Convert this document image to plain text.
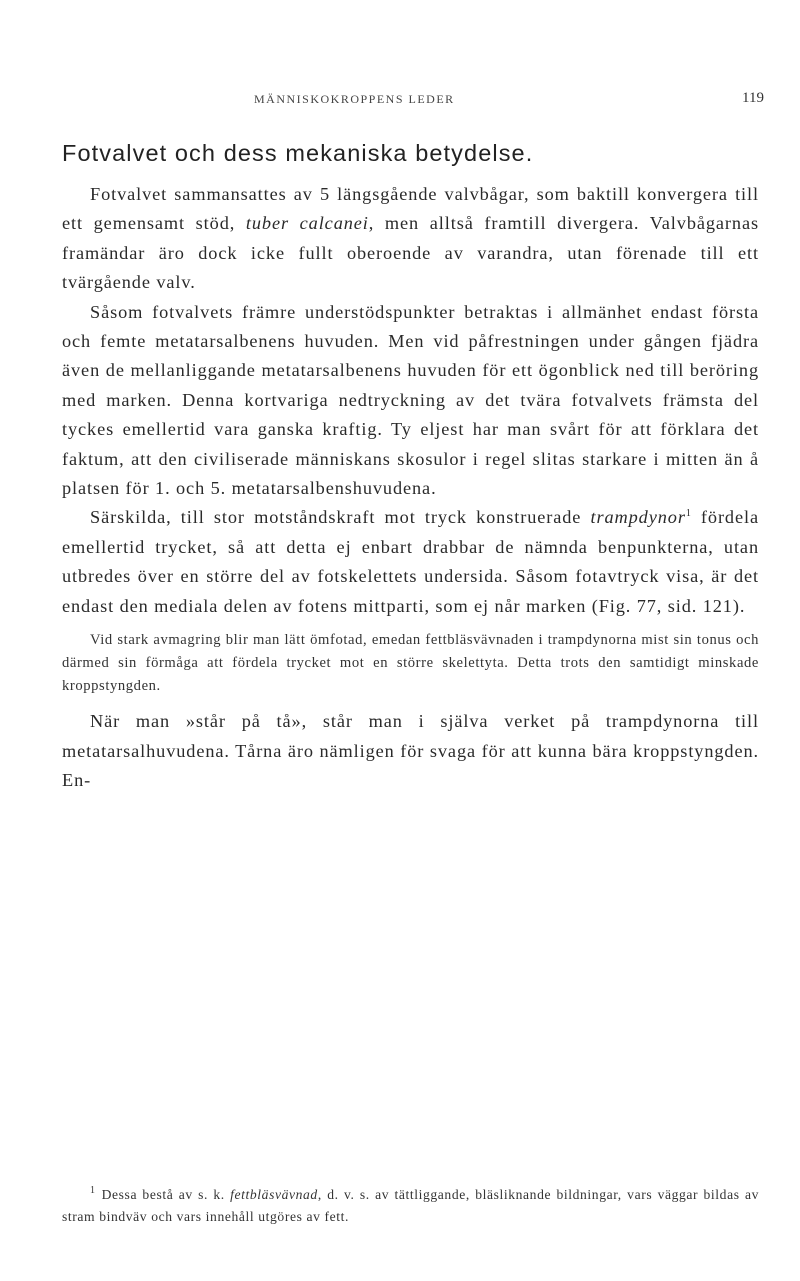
MÄNNISKOKROPPENS LEDER	119
Fotvalvet och dess mekaniska betydelse.

Fotvalvet sammansattes av 5 längsgående valvbågar, som baktill konvergera till ett gemensamt stöd, tuber calcanei, men alltså framtill divergera. Valvbågarnas framändar äro dock icke fullt oberoende av varandra, utan förenade till ett tvärgående valv.

Såsom fotvalvets främre understödspunkter betraktas i allmänhet endast första och femte metatarsalbenens huvuden. Men vid påfrestningen under gången fjädra även de mellanliggande metatarsalbenens huvuden för ett ögonblick ned till beröring med marken. Denna kortvariga nedtryckning av det tvära fotvalvets främsta del tyckes emellertid vara ganska kraftig. Ty eljest har man svårt för att förklara det faktum, att den civiliserade människans skosulor i regel slitas starkare i mitten än å platsen för 1. och 5. metatarsalbenshuvudena.

Särskilda, till stor motståndskraft mot tryck konstruerade trampdynor$^1$ fördela emellertid trycket, så att detta ej enbart drabbar de nämnda benpunkterna, utan utbredes över en större del av fotskelettets undersida. Såsom fotavtryck visa, är det endast den mediala delen av fotens mittparti, som ej når marken (Fig. 77, sid. 121).

Vid stark avmagring blir man lätt ömfotad, emedan fettbläsvävnaden i trampdynorna mist sin tonus och därmed sin förmåga att fördela trycket mot en större skelettyta. Detta trots den samtidigt minskade kroppstyngden.

När man »står på tå», står man i själva verket på trampdynorna till metatarsalhuvudena. Tårna äro nämligen för svaga för att kunna bära kroppstyngden. En-

$^1$ Dessa bestå av s. k. fettbläsvävnad, d. v. s. av tättliggande, bläsliknande bildningar, vars väggar bildas av stram bindväv och vars innehåll utgöres av fett.
